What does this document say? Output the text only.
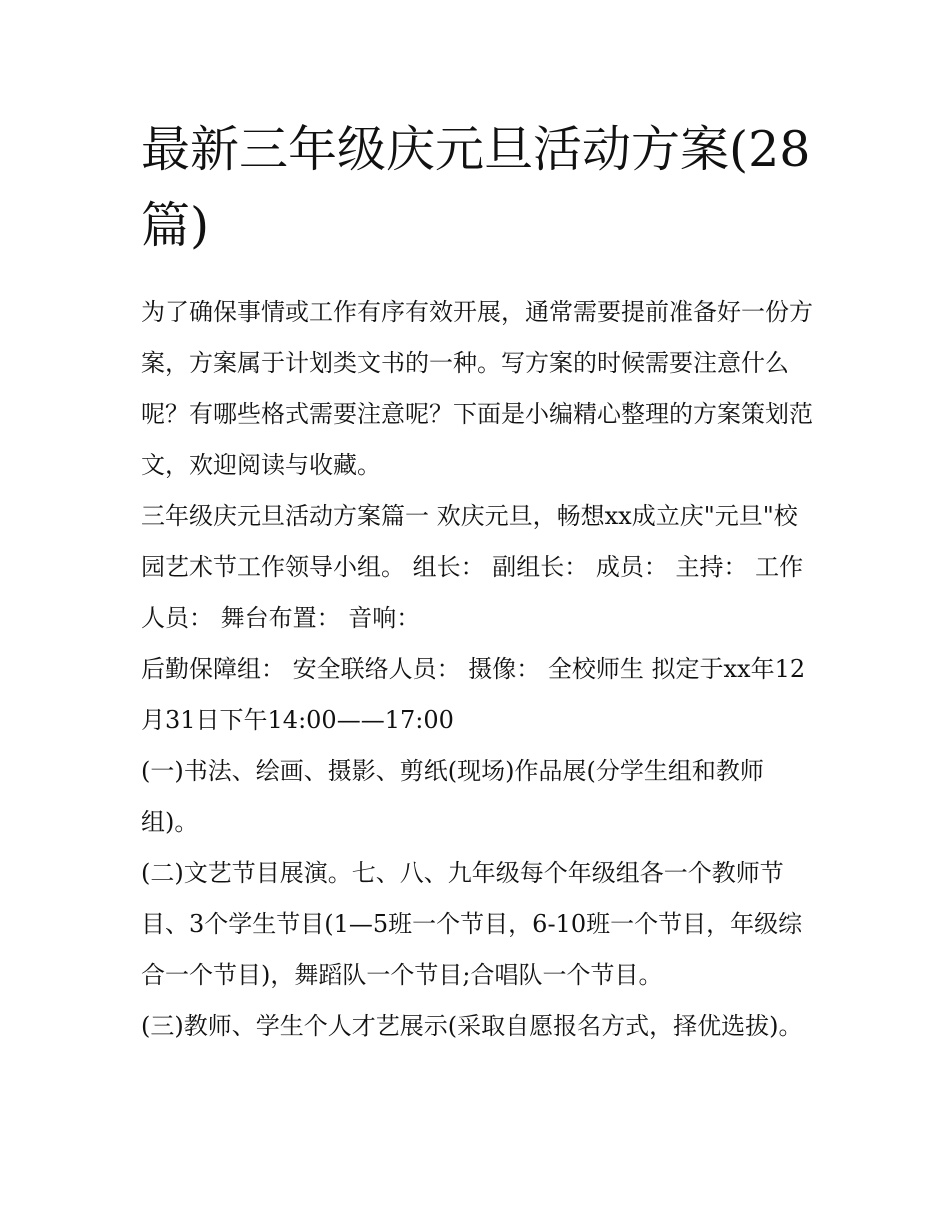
最新三年级庆元旦活动方案(28篇)

为了确保事情或工作有序有效开展，通常需要提前准备好一份方案，方案属于计划类文书的一种。写方案的时候需要注意什么呢？有哪些格式需要注意呢？下面是小编精心整理的方案策划范文，欢迎阅读与收藏。

三年级庆元旦活动方案篇一 欢庆元旦，畅想xx成立庆"元旦"校园艺术节工作领导小组。 组长： 副组长： 成员： 主持： 工作人员： 舞台布置： 音响：

后勤保障组： 安全联络人员： 摄像： 全校师生 拟定于xx年12月31日下午14:00——17:00

(一)书法、绘画、摄影、剪纸(现场)作品展(分学生组和教师组)。

(二)文艺节目展演。七、八、九年级每个年级组各一个教师节目、3个学生节目(1—5班一个节目，6-10班一个节目，年级综合一个节目)，舞蹈队一个节目;合唱队一个节目。

(三)教师、学生个人才艺展示(采取自愿报名方式，择优选拔)。
